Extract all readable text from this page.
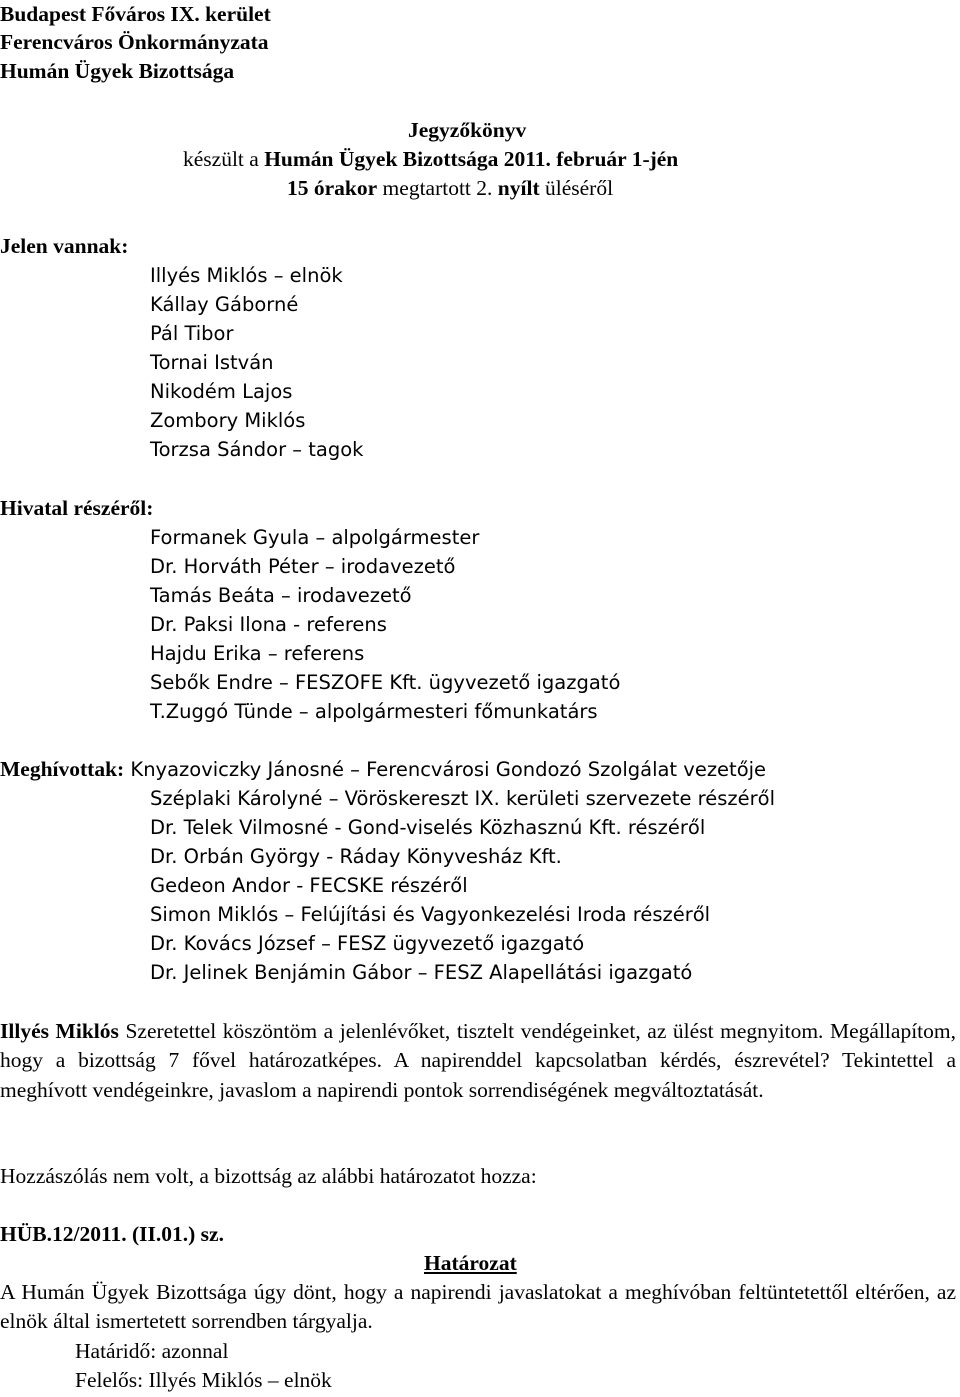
Budapest Főváros IX. kerület
Ferencváros Önkormányzata
Humán Ügyek Bizottsága
Jegyzőkönyv
készült a Humán Ügyek Bizottsága 2011. február 1-jén
15 órakor megtartott 2. nyílt üléséről
Jelen vannak:
Illyés Miklós – elnök
Kállay Gáborné
Pál Tibor
Tornai István
Nikodém Lajos
Zombory Miklós
Torzsa Sándor – tagok
Hivatal részéről:
Formanek Gyula – alpolgármester
Dr. Horváth Péter – irodavezető
Tamás Beáta – irodavezető
Dr. Paksi Ilona - referens
Hajdu Erika – referens
Sebők Endre – FESZOFE Kft. ügyvezető igazgató
T.Zuggó Tünde – alpolgármesteri főmunkatárs
Meghívottak: Knyazoviczky Jánosné – Ferencvárosi Gondozó Szolgálat vezetője
Széplaki Károlyné – Vöröskereszt IX. kerületi szervezete részéről
Dr. Telek Vilmosné - Gond-viselés Közhasznú Kft. részéről
Dr. Orbán György - Ráday Könyvesház Kft.
Gedeon Andor - FECSKE részéről
Simon Miklós – Felújítási és Vagyonkezelési Iroda részéről
Dr. Kovács József – FESZ ügyvezető igazgató
Dr. Jelinek Benjámin Gábor – FESZ Alapellátási igazgató
Illyés Miklós Szeretettel köszöntöm a jelenlévőket, tisztelt vendégeinket, az ülést megnyitom. Megállapítom, hogy a bizottság 7 fővel határozatképes. A napirenddel kapcsolatban kérdés, észrevétel? Tekintettel a meghívott vendégeinkre, javaslom a napirendi pontok sorrendiségének megváltoztatását.
Hozzászólás nem volt, a bizottság az alábbi határozatot hozza:
HÜB.12/2011. (II.01.) sz.
Határozat
A Humán Ügyek Bizottsága úgy dönt, hogy a napirendi javaslatokat a meghívóban feltüntetettől eltérően, az elnök által ismertetett sorrendben tárgyalja.
Határidő: azonnal
Felelős: Illyés Miklós – elnök
